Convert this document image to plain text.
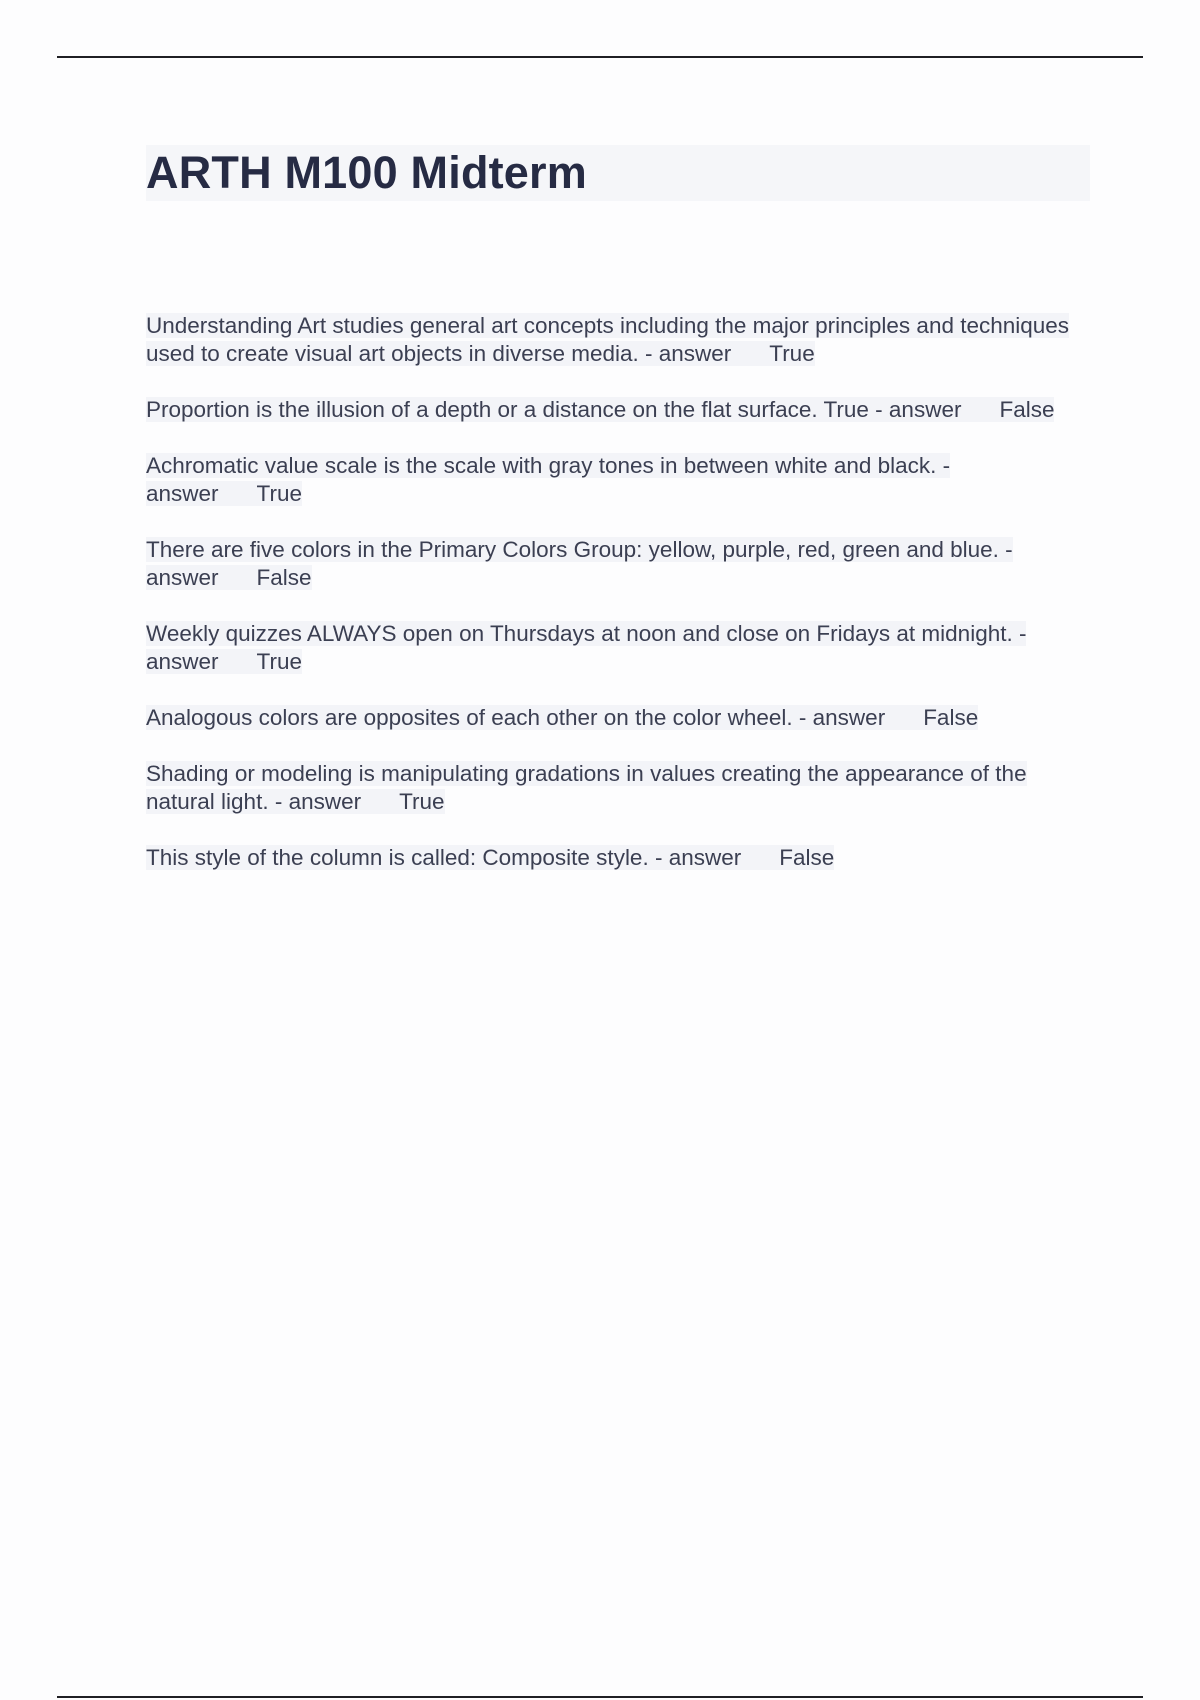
ARTH M100 Midterm

Understanding Art studies general art concepts including the major principles and techniques used to create visual art objects in diverse media. - answer True

Proportion is the illusion of a depth or a distance on the flat surface. True - answer False

Achromatic value scale is the scale with gray tones in between white and black. - answer True

There are five colors in the Primary Colors Group: yellow, purple, red, green and blue. - answer False

Weekly quizzes ALWAYS open on Thursdays at noon and close on Fridays at midnight. - answer True

Analogous colors are opposites of each other on the color wheel. - answer False

Shading or modeling is manipulating gradations in values creating the appearance of the natural light. - answer True

This style of the column is called: Composite style. - answer False
